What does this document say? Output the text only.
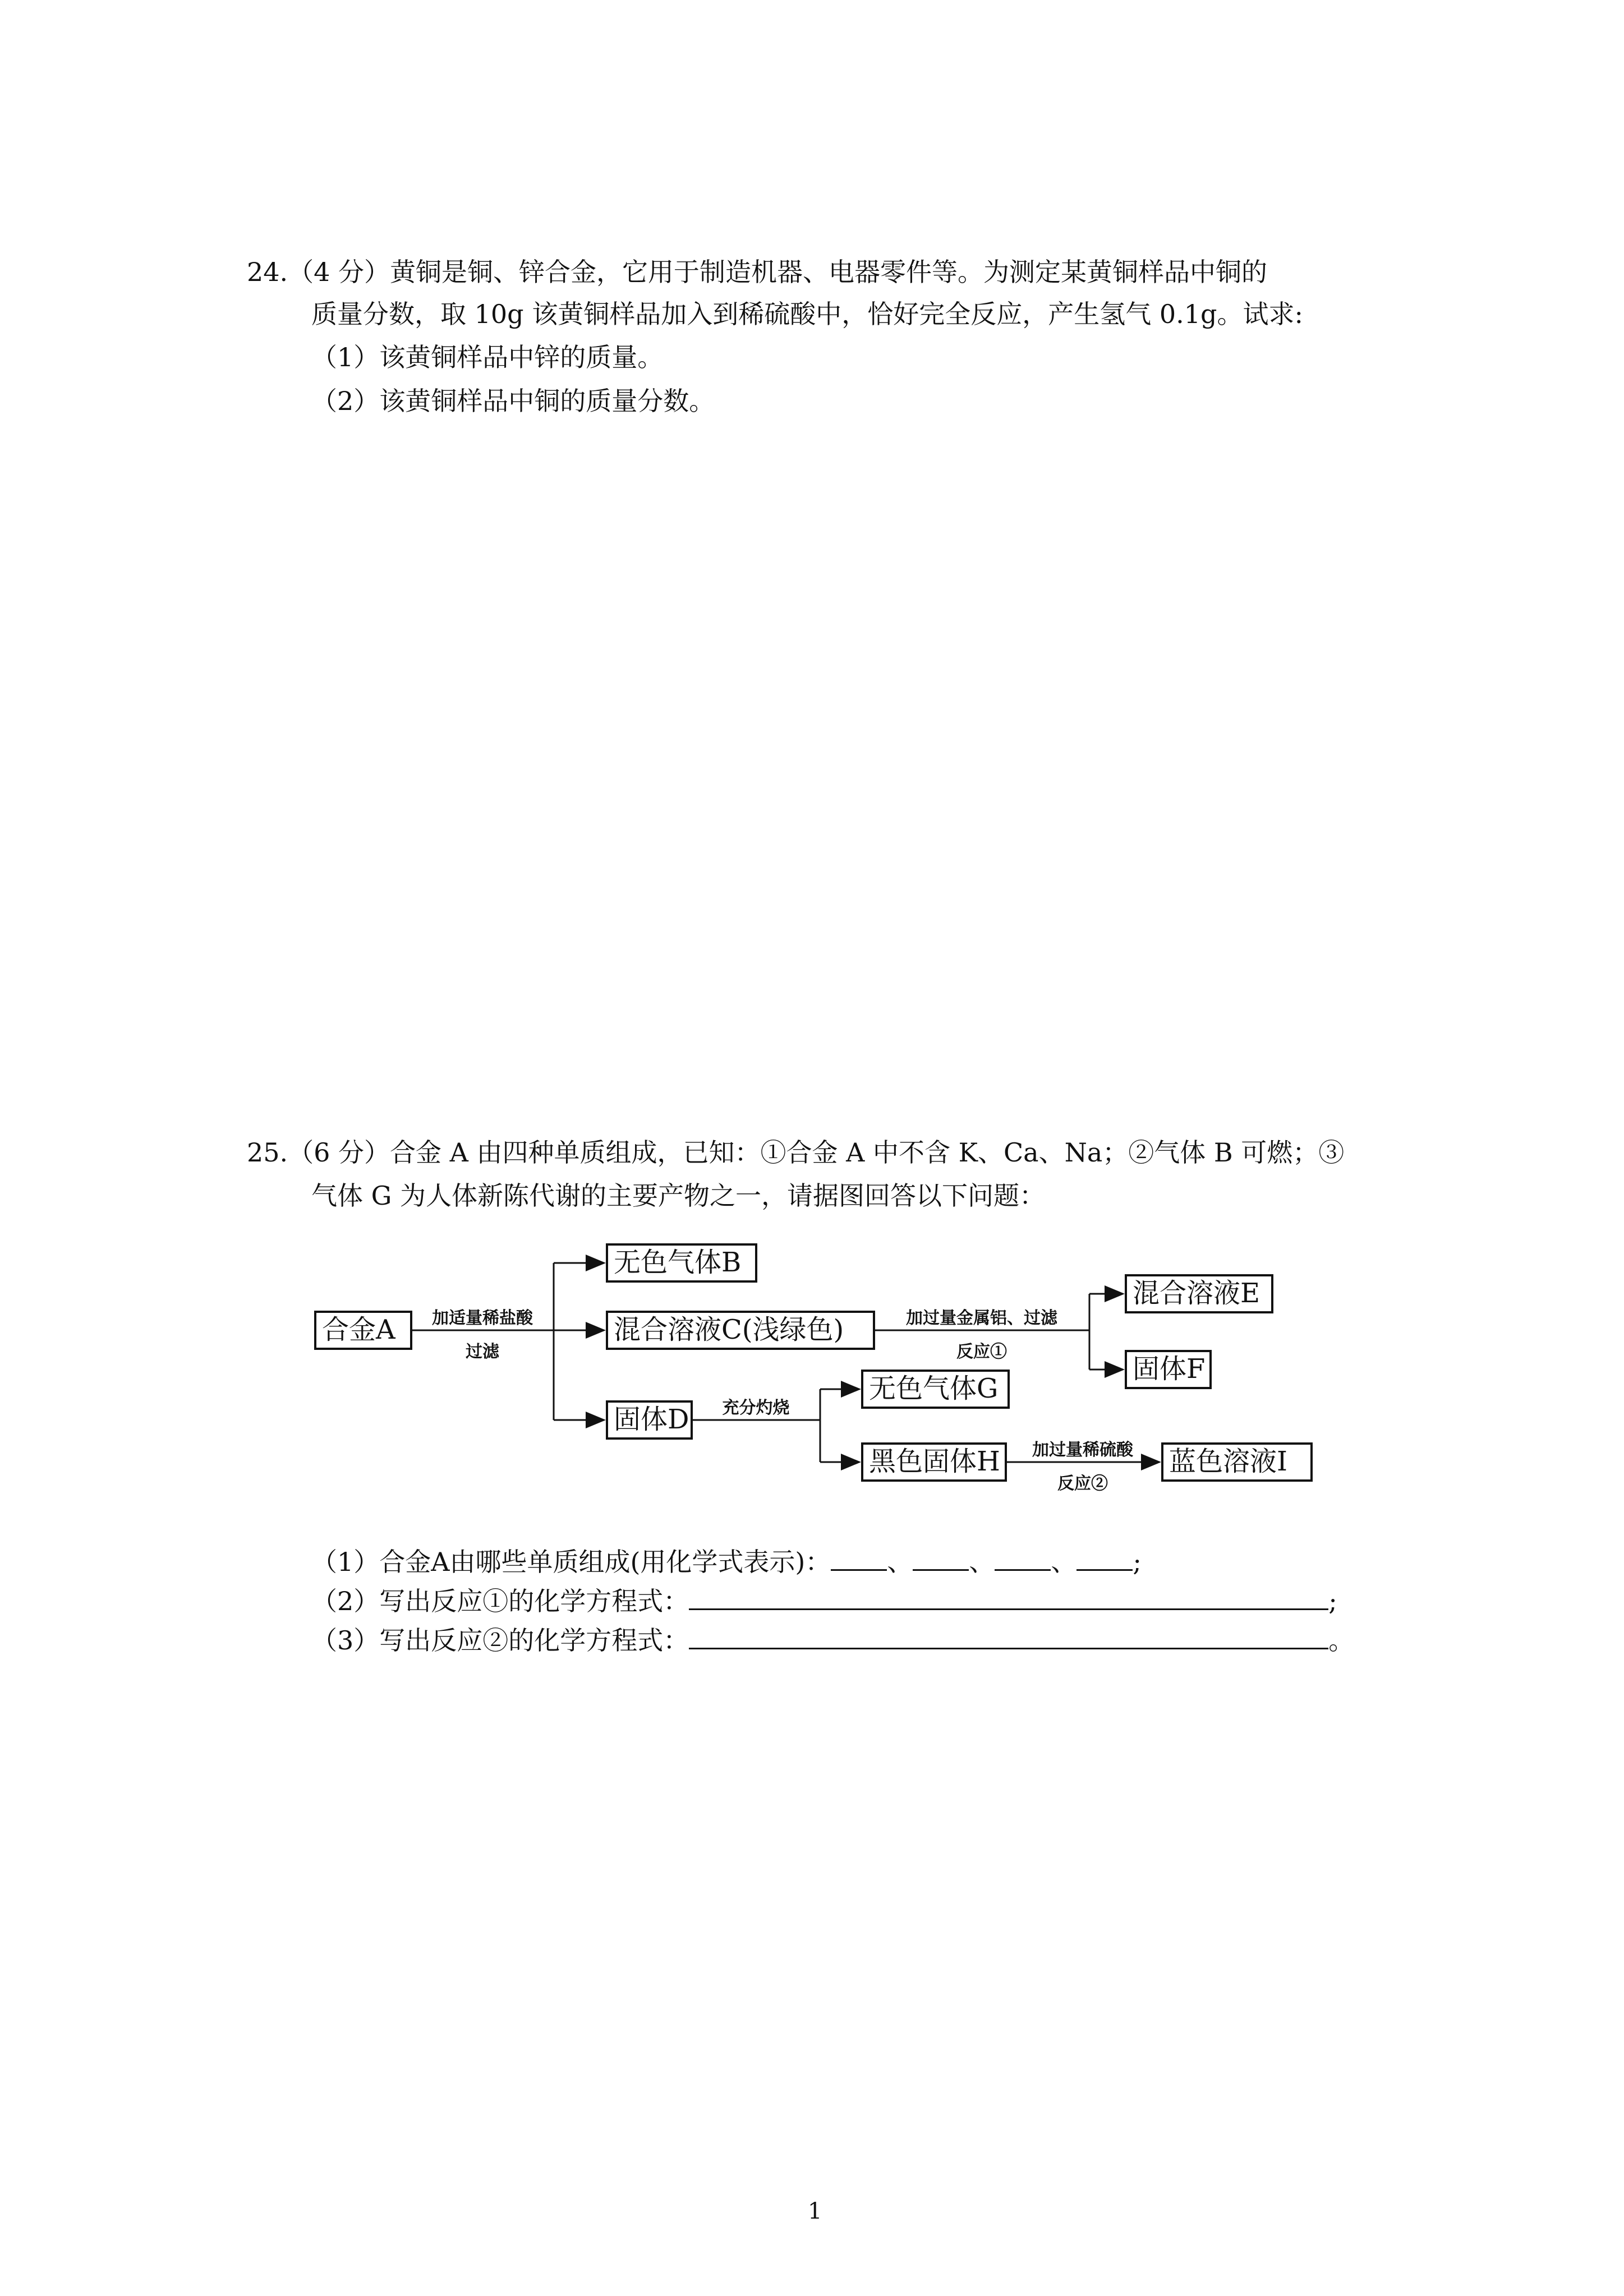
24.（4 分）黄铜是铜、锌合金，它用于制造机器、电器零件等。为测定某黄铜样品中铜的
质量分数，取 10g 该黄铜样品加入到稀硫酸中，恰好完全反应，产生氢气 0.1g。试求:
（1）该黄铜样品中锌的质量。
（2）该黄铜样品中铜的质量分数。
25.（6 分）合金 A 由四种单质组成，已知：①合金 A 中不含 K、Ca、Na；②气体 B 可燃；③
气体 G 为人体新陈代谢的主要产物之一，请据图回答以下问题：
合金A
无色气体B
混合溶液C(浅绿色)
固体D
混合溶液E
固体F
无色气体G
黑色固体H	蓝色溶液I
加适量稀盐酸
过滤
加过量金属铝、过滤
反应①
充分灼烧
加过量稀硫酸
反应②
（1）合金A由哪些单质组成(用化学式表示)： 、 、 、 ;
（2）写出反应①的化学方程式：	;
（3）写出反应②的化学方程式：	。
1
